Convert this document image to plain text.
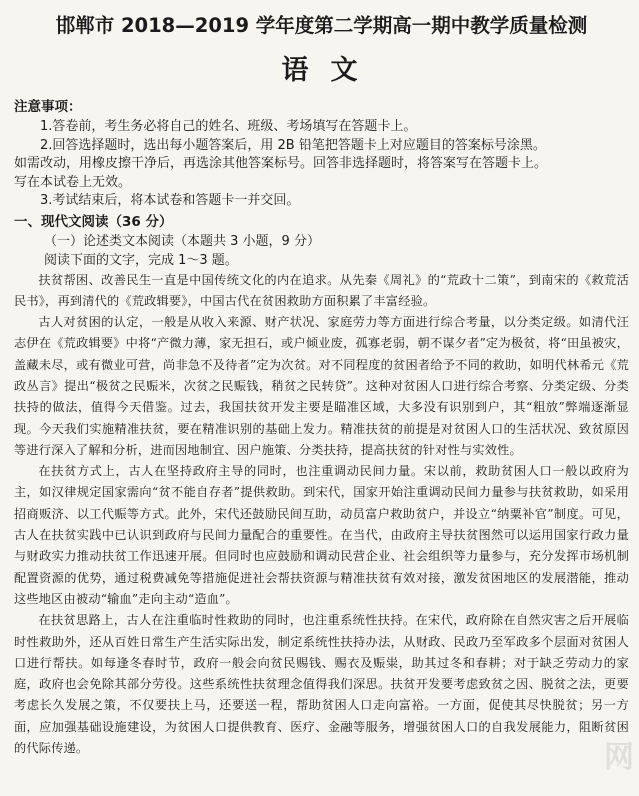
邯郸市 2018—2019 学年度第二学期高一期中教学质量检测
语文

注意事项：

1.答卷前，考生务必将自己的姓名、班级、考场填写在答题卡上。

2.回答选择题时，选出每小题答案后，用 2B 铅笔把答题卡上对应题目的答案标号涂黑。

如需改动，用橡皮擦干净后，再选涂其他答案标号。回答非选择题时，将答案写在答题卡上。

写在本试卷上无效。

3.考试结束后，将本试卷和答题卡一并交回。

一、现代文阅读（36 分）
（一）论述类文本阅读（本题共 3 小题，9 分）
阅读下面的文字，完成 1～3 题。

扶贫帮困、改善民生一直是中国传统文化的内在追求。从先秦《周礼》的“荒政十二策”，到南宋的《救荒活民书》，再到清代的《荒政辑要》，中国古代在贫困救助方面积累了丰富经验。

古人对贫困的认定，一般是从收入来源、财产状况、家庭劳力等方面进行综合考量，以分类定级。如清代汪志伊在《荒政辑要》中将“产微力薄，家无担石，或户倾业废，孤寡老弱，朝不谋夕者”定为极贫，将“田虽被灾，盖藏未尽，或有微业可营，尚非急不及待者”定为次贫。对不同程度的贫困者给予不同的救助，如明代林希元《荒政丛言》提出“极贫之民赈米，次贫之民赈钱，稍贫之民转贷”。这种对贫困人口进行综合考察、分类定级、分类扶持的做法，值得今天借鉴。过去，我国扶贫开发主要是瞄准区域，大多没有识别到户，其“粗放”弊端逐渐显现。今天我们实施精准扶贫，要在精准识别的基础上发力。精准扶贫的前提是对贫困人口的生活状况、致贫原因等进行深入了解和分析，进而因地制宜、因户施策、分类扶持，提高扶贫的针对性与实效性。

在扶贫方式上，古人在坚持政府主导的同时，也注重调动民间力量。宋以前，救助贫困人口一般以政府为主，如汉律规定国家需向“贫不能自存者”提供救助。到宋代，国家开始注重调动民间力量参与扶贫救助，如采用招商贩济、以工代赈等方式。此外，宋代还鼓励民间互助，动员富户救助贫户，并设立“纳粟补官”制度。可见，古人在扶贫实践中已认识到政府与民间力量配合的重要性。在当代，由政府主导扶贫图然可以运用国家行政力量与财政实力推动扶贫工作迅速开展。但同时也应鼓励和调动民营企业、社会组织等力量参与，充分发挥市场机制配置资源的优势，通过税费减免等措施促进社会帮扶资源与精准扶贫有效对接，激发贫困地区的发展潜能，推动这些地区由被动“输血”走向主动“造血”。

在扶贫思路上，古人在注重临时性救助的同时，也注重系统性扶持。在宋代，政府除在自然灾害之后开展临时性救助外，还从百姓日常生产生活实际出发，制定系统性扶持办法，从财政、民政乃至军政多个层面对贫困人口进行帮扶。如每逢冬春时节，政府一般会向贫民赐钱、赐衣及赈粜，助其过冬和春耕；对于缺乏劳动力的家庭，政府也会免除其部分劳役。这些系统性扶贫理念值得我们深思。扶贫开发要考虑致贫之因、脱贫之法，更要考虑长久发展之策，不仅要扶上马，还要送一程，帮助贫困人口走向富裕。一方面，促使其尽快脱贫；另一方面，应加强基础设施建设，为贫困人口提供教育、医疗、金融等服务，增强贫困人口的自我发展能力，阻断贫困的代际传递。	网
